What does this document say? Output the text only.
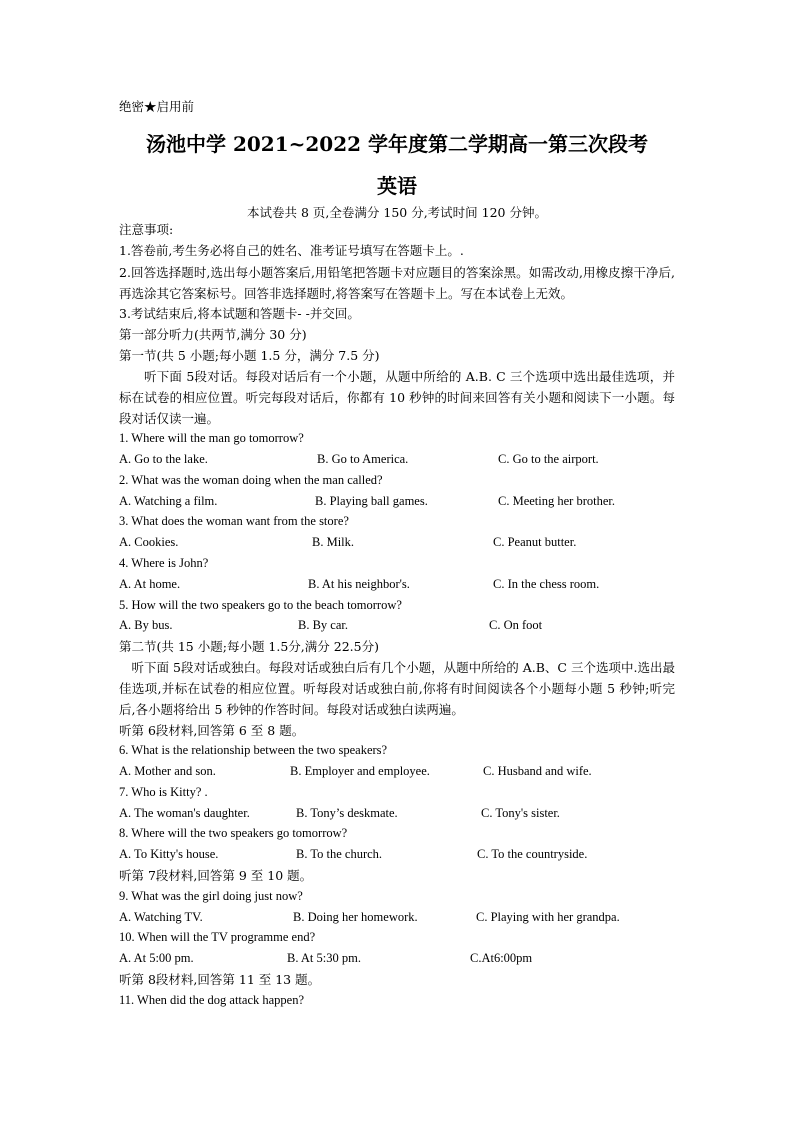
绝密★启用前
汤池中学 2021~2022 学年度第二学期高一第三次段考
英语
本试卷共 8 页,全卷满分 150 分,考试时间 120 分钟。
注意事项:
1.答卷前,考生务必将自己的姓名、准考证号填写在答题卡上。.
2.回答选择题时,选出每小题答案后,用铅笔把答题卡对应题目的答案涂黑。如需改动,用橡皮擦干净后,再选涂其它答案标号。回答非选择题时,将答案写在答题卡上。写在本试卷上无效。
3.考试结束后,将本试题和答题卡- -并交回。
第一部分听力(共两节,满分 30 分)
第一节(共 5 小题;每小题 1.5 分，满分 7.5 分)
听下面 5段对话。每段对话后有一个小题，从题中所给的 A.B. C 三个选项中选出最佳选项，并标在试卷的相应位置。听完每段对话后，你都有 10 秒钟的时间来回答有关小题和阅读下一小题。每段对话仅读一遍。
1. Where will the man go tomorrow?
A. Go to the lake.	B. Go to America.	C. Go to the airport.
2. What was the woman doing when the man called?
A. Watching a film.	B. Playing ball games.	C. Meeting her brother.
3. What does the woman want from the store?
A. Cookies.	B. Milk.	C. Peanut butter.
4. Where is John?
A. At home.	B. At his neighbor's.	C. In the chess room.
5. How will the two speakers go to the beach tomorrow?
A. By bus.	B. By car.	C. On foot
第二节(共 15 小题;每小题 1.5分,满分 22.5分)
听下面 5段对话或独白。每段对话或独白后有几个小题，从题中所给的 A.B、C 三个选项中.选出最佳选项,并标在试卷的相应位置。听每段对话或独白前,你将有时间阅读各个小题每小题 5 秒钟;听完后,各小题将给出 5 秒钟的作答时间。每段对话或独白读两遍。
听第 6段材料,回答第 6 至 8 题。
6. What is the relationship between the two speakers?
A. Mother and son.	B. Employer and employee.	C. Husband and wife.
7. Who is Kitty? .
A. The woman's daughter.	B. Tony’s deskmate.	C. Tony's sister.
8. Where will the two speakers go tomorrow?
A. To Kitty's house.	B. To the church.	C. To the countryside.
听第 7段材料,回答第 9 至 10 题。
9. What was the girl doing just now?
A. Watching TV.	B. Doing her homework.	C. Playing with her grandpa.
10. When will the TV programme end?
A. At 5:00 pm.	B. At 5:30 pm.	C.At6:00pm
听第 8段材料,回答第 11 至 13 题。
11. When did the dog attack happen?
